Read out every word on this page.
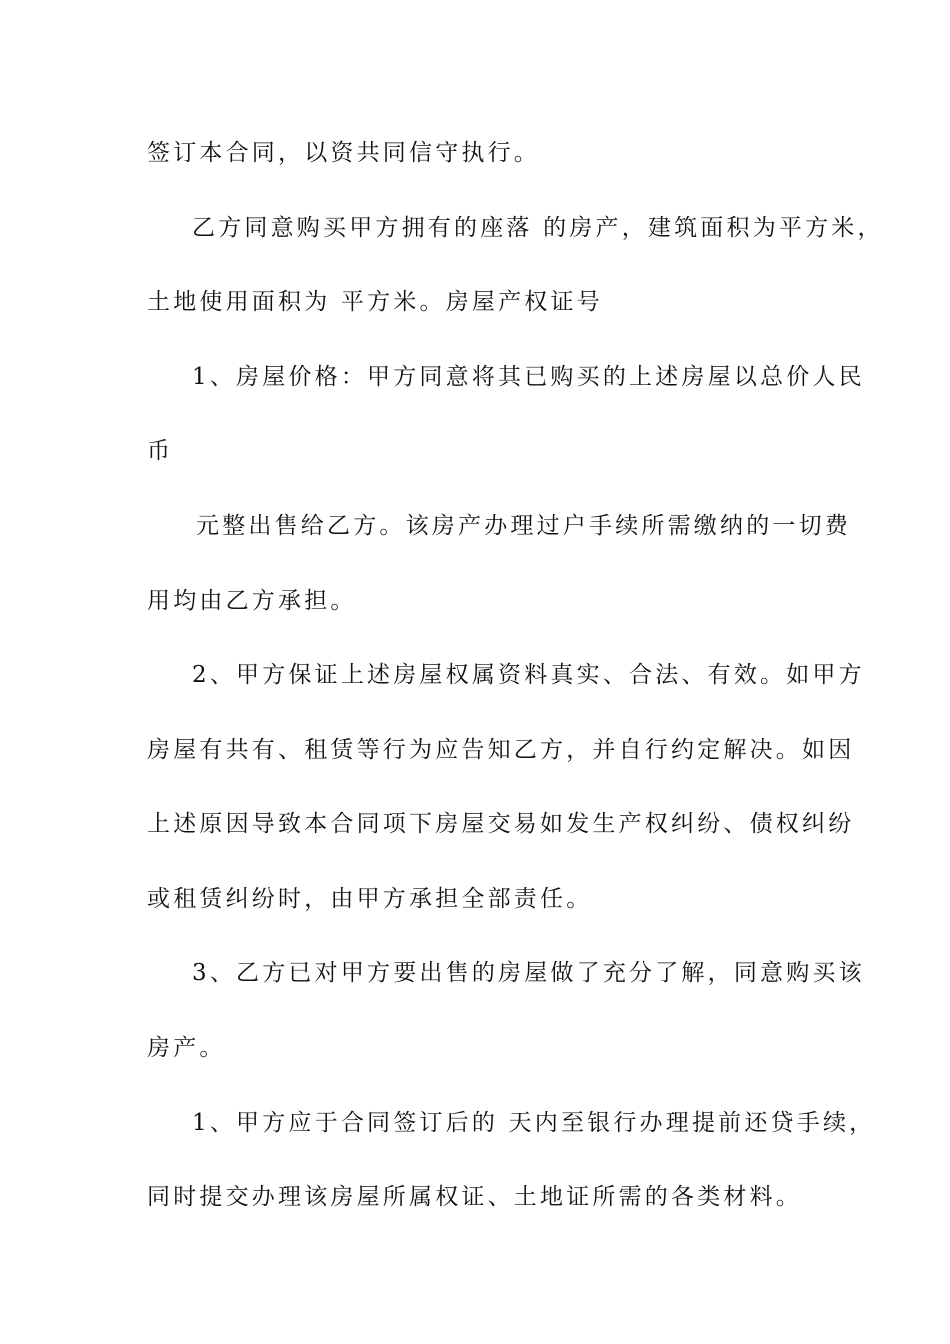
签订本合同，以资共同信守执行。
乙方同意购买甲方拥有的座落 的房产，建筑面积为平方米，
土地使用面积为 平方米。房屋产权证号
1、房屋价格：甲方同意将其已购买的上述房屋以总价人民
币
元整出售给乙方。该房产办理过户手续所需缴纳的一切费
用均由乙方承担。
2、甲方保证上述房屋权属资料真实、合法、有效。如甲方
房屋有共有、租赁等行为应告知乙方，并自行约定解决。如因
上述原因导致本合同项下房屋交易如发生产权纠纷、债权纠纷
或租赁纠纷时，由甲方承担全部责任。
3、乙方已对甲方要出售的房屋做了充分了解，同意购买该
房产。
1、甲方应于合同签订后的 天内至银行办理提前还贷手续，
同时提交办理该房屋所属权证、土地证所需的各类材料。
